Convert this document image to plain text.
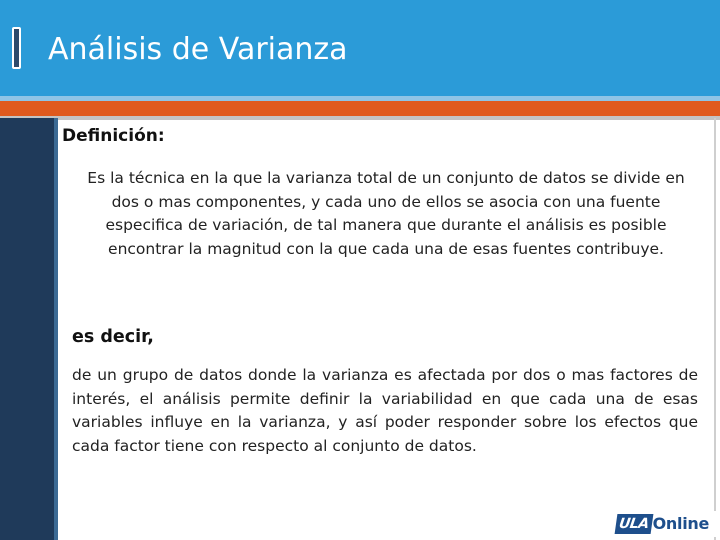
Análisis de Varianza
Definición:

Es la técnica en la que la varianza total de un conjunto de datos se divide en dos o mas componentes, y cada uno de ellos se asocia con una fuente especifica de variación, de tal manera que durante el análisis es posible encontrar la magnitud con la que cada una de esas fuentes contribuye.

es decir,

de un grupo de datos donde la varianza es afectada por dos o mas factores de interés, el análisis permite definir la variabilidad en que cada una de esas variables influye en la varianza, y así poder responder sobre los efectos que cada factor tiene con respecto al conjunto de datos.

ULA Online
